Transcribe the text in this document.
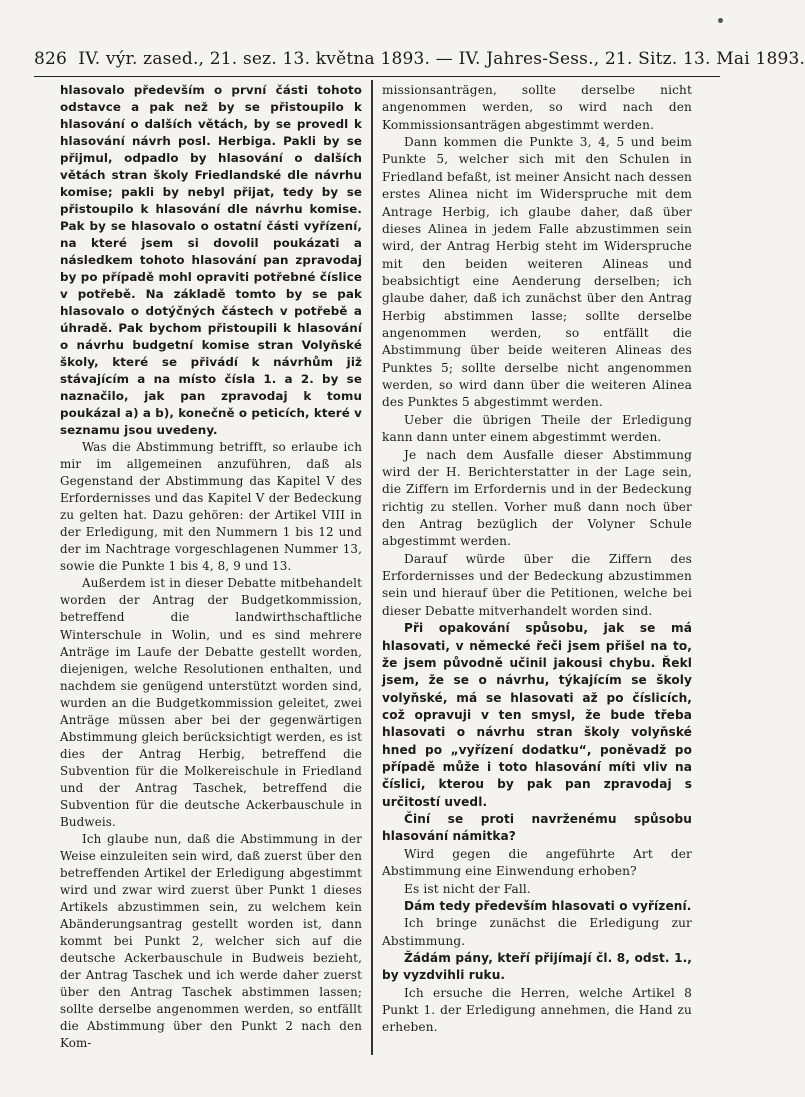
826 IV. výr. zased., 21. sez. 13. května 1893. — IV. Jahres-Sess., 21. Sitz. 13. Mai 1893.

hlasovalo především o první části tohoto odstavce a pak než by se přistoupilo k hlasování o dalších větách, by se provedl k hlasování návrh posl. Herbiga. Pakli by se přijmul, odpadlo by hlasování o dalších větách stran školy Friedlandské dle návrhu komise; pakli by nebyl přijat, tedy by se přistoupilo k hlasování dle návrhu komise. Pak by se hlasovalo o ostatní části vyřízení, na které jsem si dovolil poukázati a následkem tohoto hlasování pan zpravodaj by po případě mohl opraviti potřebné číslice v potřebě. Na základě tomto by se pak hlasovalo o dotýčných částech v potřebě a úhradě. Pak bychom přistoupili k hlasování o návrhu budgetní komise stran Volyňské školy, které se přivádí k návrhům již stávajícím a na místo čísla 1. a 2. by se naznačilo, jak pan zpravodaj k tomu poukázal a) a b), konečně o peticích, které v seznamu jsou uvedeny.

Was die Abstimmung betrifft, so erlaube ich mir im allgemeinen anzuführen, daß als Gegenstand der Abstimmung das Kapitel V des Erfordernisses und das Kapitel V der Bedeckung zu gelten hat. Dazu gehören: der Artikel VIII in der Erledigung, mit den Nummern 1 bis 12 und der im Nachtrage vorgeschlagenen Nummer 13, sowie die Punkte 1 bis 4, 8, 9 und 13.

Außerdem ist in dieser Debatte mitbehandelt worden der Antrag der Budgetkommission, betreffend die landwirthschaftliche Winterschule in Wolin, und es sind mehrere Anträge im Laufe der Debatte gestellt worden, diejenigen, welche Resolutionen enthalten, und nachdem sie genügend unterstützt worden sind, wurden an die Budgetkommission geleitet, zwei Anträge müssen aber bei der gegenwärtigen Abstimmung gleich berücksichtigt werden, es ist dies der Antrag Herbig, betreffend die Subvention für die Molkereischule in Friedland und der Antrag Taschek, betreffend die Subvention für die deutsche Ackerbauschule in Budweis.

Ich glaube nun, daß die Abstimmung in der Weise einzuleiten sein wird, daß zuerst über den betreffenden Artikel der Erledigung abgestimmt wird und zwar wird zuerst über Punkt 1 dieses Artikels abzustimmen sein, zu welchem kein Abänderungsantrag gestellt worden ist, dann kommt bei Punkt 2, welcher sich auf die deutsche Ackerbauschule in Budweis bezieht, der Antrag Taschek und ich werde daher zuerst über den Antrag Taschek abstimmen lassen; sollte derselbe angenommen werden, so entfällt die Abstimmung über den Punkt 2 nach den Kom-

missionsanträgen, sollte derselbe nicht angenommen werden, so wird nach den Kommissionsanträgen abgestimmt werden.

Dann kommen die Punkte 3, 4, 5 und beim Punkte 5, welcher sich mit den Schulen in Friedland befaßt, ist meiner Ansicht nach dessen erstes Alinea nicht im Widerspruche mit dem Antrage Herbig, ich glaube daher, daß über dieses Alinea in jedem Falle abzustimmen sein wird, der Antrag Herbig steht im Widerspruche mit den beiden weiteren Alineas und beabsichtigt eine Aenderung derselben; ich glaube daher, daß ich zunächst über den Antrag Herbig abstimmen lasse; sollte derselbe angenommen werden, so entfällt die Abstimmung über beide weiteren Alineas des Punktes 5; sollte derselbe nicht angenommen werden, so wird dann über die weiteren Alinea des Punktes 5 abgestimmt werden.

Ueber die übrigen Theile der Erledigung kann dann unter einem abgestimmt werden.

Je nach dem Ausfalle dieser Abstimmung wird der H. Berichterstatter in der Lage sein, die Ziffern im Erfordernis und in der Bedeckung richtig zu stellen. Vorher muß dann noch über den Antrag bezüglich der Volyner Schule abgestimmt werden.

Darauf würde über die Ziffern des Erfordernisses und der Bedeckung abzustimmen sein und hierauf über die Petitionen, welche bei dieser Debatte mitverhandelt worden sind.

Při opakování spůsobu, jak se má hlasovati, v německé řeči jsem přišel na to, že jsem původně učinil jakousi chybu. Řekl jsem, že se o návrhu, týkajícím se školy volyňské, má se hlasovati až po číslicích, což opravuji v ten smysl, že bude třeba hlasovati o návrhu stran školy volyňské hned po „vyřízení dodatku“, poněvadž po případě může i toto hlasování míti vliv na číslici, kterou by pak pan zpravodaj s určitostí uvedl.

Činí se proti navrženému spůsobu hlasování námitka?

Wird gegen die angeführte Art der Abstimmung eine Einwendung erhoben?

Es ist nicht der Fall.

Dám tedy především hlasovati o vyřízení.

Ich bringe zunächst die Erledigung zur Abstimmung.

Žádám pány, kteří přijímají čl. 8, odst. 1., by vyzdvihli ruku.

Ich ersuche die Herren, welche Artikel 8 Punkt 1. der Erledigung annehmen, die Hand zu erheben.
